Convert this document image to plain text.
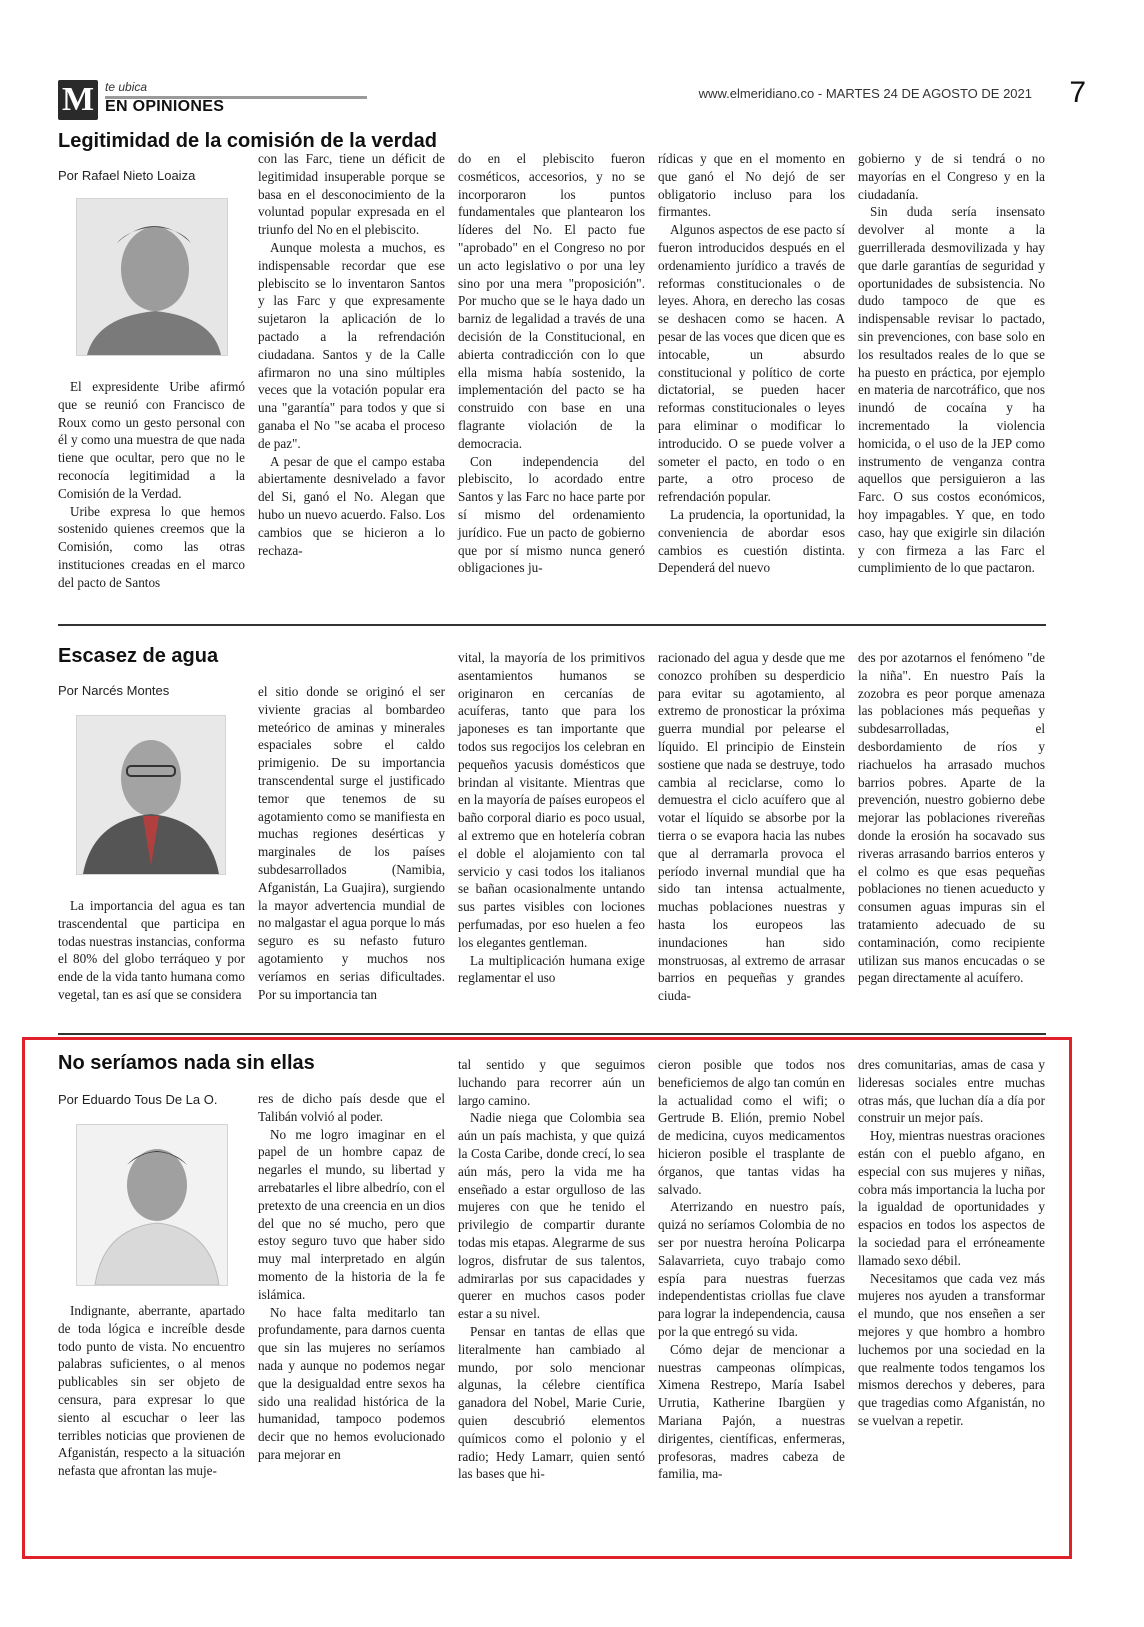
M te ubica
EN OPINIONES
www.elmeridiano.co - MARTES 24 DE AGOSTO DE 2021 7
Legitimidad de la comisión de la verdad
Por Rafael Nieto Loaiza

El expresidente Uribe afirmó que se reunió con Francisco de Roux como un gesto personal con él y como una muestra de que nada tiene que ocultar, pero que no le reconocía legitimidad a la Comisión de la Verdad.

Uribe expresa lo que hemos sostenido quienes creemos que la Comisión, como las otras instituciones creadas en el marco del pacto de Santos

con las Farc, tiene un déficit de legitimidad insuperable porque se basa en el desconocimiento de la voluntad popular expresada en el triunfo del No en el plebiscito.

Aunque molesta a muchos, es indispensable recordar que ese plebiscito se lo inventaron Santos y las Farc y que expresamente sujetaron la aplicación de lo pactado a la refrendación ciudadana. Santos y de la Calle afirmaron no una sino múltiples veces que la votación popular era una "garantía" para todos y que si ganaba el No "se acaba el proceso de paz".

A pesar de que el campo estaba abiertamente desnivelado a favor del Si, ganó el No. Alegan que hubo un nuevo acuerdo. Falso. Los cambios que se hicieron a lo rechaza-

do en el plebiscito fueron cosméticos, accesorios, y no se incorporaron los puntos fundamentales que plantearon los líderes del No. El pacto fue "aprobado" en el Congreso no por un acto legislativo o por una ley sino por una mera "proposición". Por mucho que se le haya dado un barniz de legalidad a través de una decisión de la Constitucional, en abierta contradicción con lo que ella misma había sostenido, la implementación del pacto se ha construido con base en una flagrante violación de la democracia.

Con independencia del plebiscito, lo acordado entre Santos y las Farc no hace parte por sí mismo del ordenamiento jurídico. Fue un pacto de gobierno que por sí mismo nunca generó obligaciones ju-

rídicas y que en el momento en que ganó el No dejó de ser obligatorio incluso para los firmantes.

Algunos aspectos de ese pacto sí fueron introducidos después en el ordenamiento jurídico a través de reformas constitucionales o de leyes. Ahora, en derecho las cosas se deshacen como se hacen. A pesar de las voces que dicen que es intocable, un absurdo constitucional y político de corte dictatorial, se pueden hacer reformas constitucionales o leyes para eliminar o modificar lo introducido. O se puede volver a someter el pacto, en todo o en parte, a otro proceso de refrendación popular.

La prudencia, la oportunidad, la conveniencia de abordar esos cambios es cuestión distinta. Dependerá del nuevo

gobierno y de si tendrá o no mayorías en el Congreso y en la ciudadanía.

Sin duda sería insensato devolver al monte a la guerrillerada desmovilizada y hay que darle garantías de seguridad y oportunidades de subsistencia. No dudo tampoco de que es indispensable revisar lo pactado, sin prevenciones, con base solo en los resultados reales de lo que se ha puesto en práctica, por ejemplo en materia de narcotráfico, que nos inundó de cocaína y ha incrementado la violencia homicida, o el uso de la JEP como instrumento de venganza contra aquellos que persiguieron a las Farc. O sus costos económicos, hoy impagables. Y que, en todo caso, hay que exigirle sin dilación y con firmeza a las Farc el cumplimiento de lo que pactaron.

Escasez de agua
Por Narcés Montes

La importancia del agua es tan trascendental que participa en todas nuestras instancias, conforma el 80% del globo terráqueo y por ende de la vida tanto humana como vegetal, tan es así que se considera

el sitio donde se originó el ser viviente gracias al bombardeo meteórico de aminas y minerales espaciales sobre el caldo primigenio. De su importancia transcendental surge el justificado temor que tenemos de su agotamiento como se manifiesta en muchas regiones desérticas y marginales de los países subdesarrollados (Namibia, Afganistán, La Guajira), surgiendo la mayor advertencia mundial de no malgastar el agua porque lo más seguro es su nefasto futuro agotamiento y muchos nos veríamos en serias dificultades. Por su importancia tan

vital, la mayoría de los primitivos asentamientos humanos se originaron en cercanías de acuíferas, tanto que para los japoneses es tan importante que todos sus regocijos los celebran en pequeños yacusis domésticos que brindan al visitante. Mientras que en la mayoría de países europeos el baño corporal diario es poco usual, al extremo que en hotelería cobran el doble el alojamiento con tal servicio y casi todos los italianos se bañan ocasionalmente untando sus partes visibles con lociones perfumadas, por eso huelen a feo los elegantes gentleman.

La multiplicación humana exige reglamentar el uso

racionado del agua y desde que me conozco prohíben su desperdicio para evitar su agotamiento, al extremo de pronosticar la próxima guerra mundial por pelearse el líquido. El principio de Einstein sostiene que nada se destruye, todo cambia al reciclarse, como lo demuestra el ciclo acuífero que al votar el líquido se absorbe por la tierra o se evapora hacia las nubes que al derramarla provoca el período invernal mundial que ha sido tan intensa actualmente, muchas poblaciones nuestras y hasta los europeos las inundaciones han sido monstruosas, al extremo de arrasar barrios en pequeñas y grandes ciuda-

des por azotarnos el fenómeno "de la niña". En nuestro País la zozobra es peor porque amenaza las poblaciones más pequeñas y subdesarrolladas, el desbordamiento de ríos y riachuelos ha arrasado muchos barrios pobres. Aparte de la prevención, nuestro gobierno debe mejorar las poblaciones rivereñas donde la erosión ha socavado sus riveras arrasando barrios enteros y el colmo es que esas pequeñas poblaciones no tienen acueducto y consumen aguas impuras sin el tratamiento adecuado de su contaminación, como recipiente utilizan sus manos encucadas o se pegan directamente al acuífero.

No seríamos nada sin ellas
Por Eduardo Tous De La O.

Indignante, aberrante, apartado de toda lógica e increíble desde todo punto de vista. No encuentro palabras suficientes, o al menos publicables sin ser objeto de censura, para expresar lo que siento al escuchar o leer las terribles noticias que provienen de Afganistán, respecto a la situación nefasta que afrontan las muje-

res de dicho país desde que el Talibán volvió al poder.

No me logro imaginar en el papel de un hombre capaz de negarles el mundo, su libertad y arrebatarles el libre albedrío, con el pretexto de una creencia en un dios del que no sé mucho, pero que estoy seguro tuvo que haber sido muy mal interpretado en algún momento de la historia de la fe islámica.

No hace falta meditarlo tan profundamente, para darnos cuenta que sin las mujeres no seríamos nada y aunque no podemos negar que la desigualdad entre sexos ha sido una realidad histórica de la humanidad, tampoco podemos decir que no hemos evolucionado para mejorar en

tal sentido y que seguimos luchando para recorrer aún un largo camino.

Nadie niega que Colombia sea aún un país machista, y que quizá la Costa Caribe, donde crecí, lo sea aún más, pero la vida me ha enseñado a estar orgulloso de las mujeres con que he tenido el privilegio de compartir durante todas mis etapas. Alegrarme de sus logros, disfrutar de sus talentos, admirarlas por sus capacidades y querer en muchos casos poder estar a su nivel.

Pensar en tantas de ellas que literalmente han cambiado al mundo, por solo mencionar algunas, la célebre científica ganadora del Nobel, Marie Curie, quien descubrió elementos químicos como el polonio y el radio; Hedy Lamarr, quien sentó las bases que hi-

cieron posible que todos nos beneficiemos de algo tan común en la actualidad como el wifi; o Gertrude B. Elión, premio Nobel de medicina, cuyos medicamentos hicieron posible el trasplante de órganos, que tantas vidas ha salvado.

Aterrizando en nuestro país, quizá no seríamos Colombia de no ser por nuestra heroína Policarpa Salavarrieta, cuyo trabajo como espía para nuestras fuerzas independentistas criollas fue clave para lograr la independencia, causa por la que entregó su vida.

Cómo dejar de mencionar a nuestras campeonas olímpicas, Ximena Restrepo, María Isabel Urrutia, Katherine Ibargüen y Mariana Pajón, a nuestras dirigentes, científicas, enfermeras, profesoras, madres cabeza de familia, ma-

dres comunitarias, amas de casa y lideresas sociales entre muchas otras más, que luchan día a día por construir un mejor país.

Hoy, mientras nuestras oraciones están con el pueblo afgano, en especial con sus mujeres y niñas, cobra más importancia la lucha por la igualdad de oportunidades y espacios en todos los aspectos de la sociedad para el erróneamente llamado sexo débil.

Necesitamos que cada vez más mujeres nos ayuden a transformar el mundo, que nos enseñen a ser mejores y que hombro a hombro luchemos por una sociedad en la que realmente todos tengamos los mismos derechos y deberes, para que tragedias como Afganistán, no se vuelvan a repetir.
